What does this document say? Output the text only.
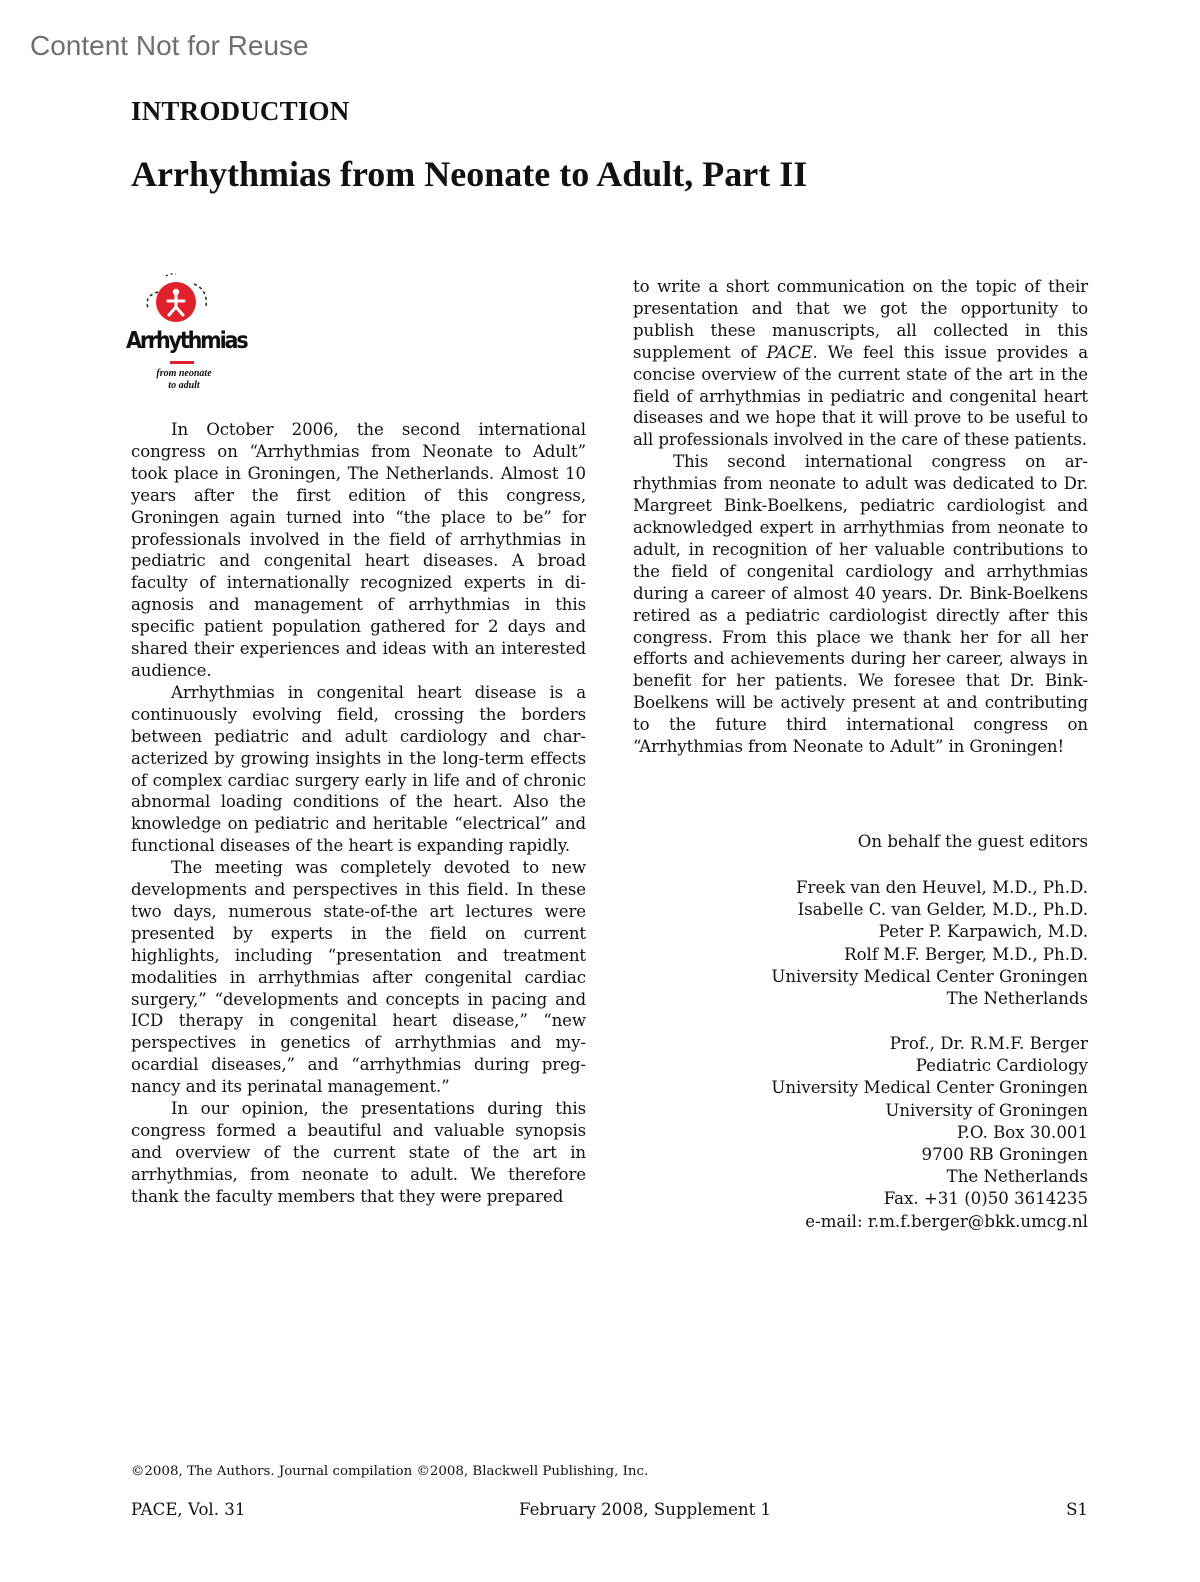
Content Not for Reuse
INTRODUCTION
Arrhythmias from Neonate to Adult, Part II
Arrhythmias
from neonate
to adult

In October 2006, the second international congress on “Arrhythmias from Neonate to Adult” took place in Groningen, The Netherlands. Almost 10 years after the first edition of this congress, Groningen again turned into “the place to be” for professionals involved in the field of arrhythmias in pediatric and congenital heart diseases. A broad faculty of internationally recognized experts in diagnosis and management of arrhythmias in this specific patient population gathered for 2 days and shared their experiences and ideas with an interested audience.

Arrhythmias in congenital heart disease is a continuously evolving field, crossing the borders between pediatric and adult cardiology and characterized by growing insights in the long-term effects of complex cardiac surgery early in life and of chronic abnormal loading conditions of the heart. Also the knowledge on pediatric and heritable “electrical” and functional diseases of the heart is expanding rapidly.

The meeting was completely devoted to new developments and perspectives in this field. In these two days, numerous state-of-the art lectures were presented by experts in the field on current highlights, including “presentation and treatment modalities in arrhythmias after congenital cardiac surgery,” “developments and concepts in pacing and ICD therapy in congenital heart disease,” “new perspectives in genetics of arrhythmias and myocardial diseases,” and “arrhythmias during pregnancy and its perinatal management.”

In our opinion, the presentations during this congress formed a beautiful and valuable synopsis and overview of the current state of the art in arrhythmias, from neonate to adult. We therefore thank the faculty members that they were prepared

to write a short communication on the topic of their presentation and that we got the opportunity to publish these manuscripts, all collected in this supplement of PACE. We feel this issue provides a concise overview of the current state of the art in the field of arrhythmias in pediatric and congenital heart diseases and we hope that it will prove to be useful to all professionals involved in the care of these patients.

This second international congress on arrhythmias from neonate to adult was dedicated to Dr. Margreet Bink-Boelkens, pediatric cardiologist and acknowledged expert in arrhythmias from neonate to adult, in recognition of her valuable contributions to the field of congenital cardiology and arrhythmias during a career of almost 40 years. Dr. Bink-Boelkens retired as a pediatric cardiologist directly after this congress. From this place we thank her for all her efforts and achievements during her career, always in benefit for her patients. We foresee that Dr. Bink-Boelkens will be actively present at and contributing to the future third international congress on “Arrhythmias from Neonate to Adult” in Groningen!

On behalf the guest editors
Freek van den Heuvel, M.D., Ph.D.
Isabelle C. van Gelder, M.D., Ph.D.
Peter P. Karpawich, M.D.
Rolf M.F. Berger, M.D., Ph.D.
University Medical Center Groningen
The Netherlands
Prof., Dr. R.M.F. Berger
Pediatric Cardiology
University Medical Center Groningen
University of Groningen
P.O. Box 30.001
9700 RB Groningen
The Netherlands
Fax. +31 (0)50 3614235
e-mail: r.m.f.berger@bkk.umcg.nl
©2008, The Authors. Journal compilation ©2008, Blackwell Publishing, Inc.
PACE, Vol. 31	February 2008, Supplement 1	S1
